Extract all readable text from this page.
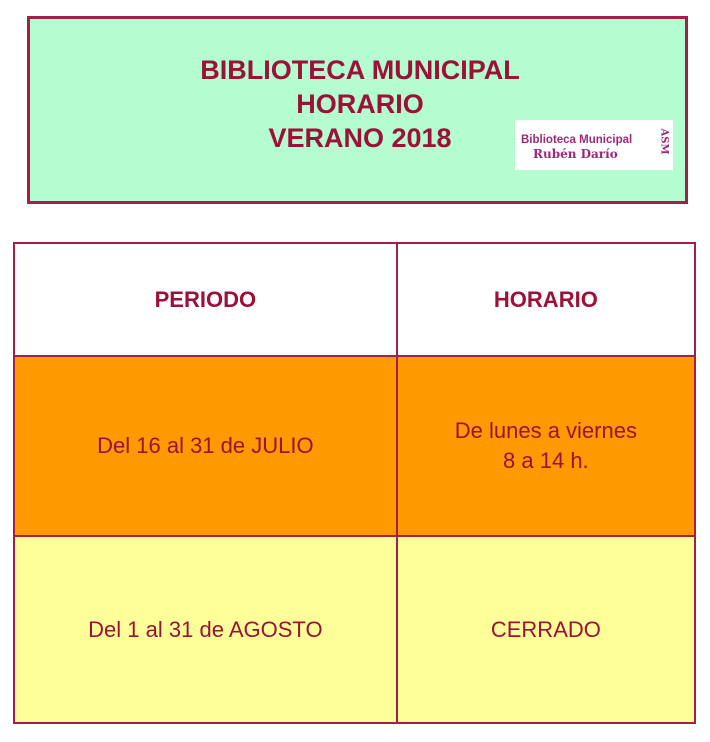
BIBLIOTECA MUNICIPAL
HORARIO
VERANO 2018	Biblioteca Municipal
Rubén Darío	ASM
PERIODO	HORARIO
Del 16 al 31 de JULIO	De lunes a viernes
8 a 14 h.

Del 1 al 31 de AGOSTO	CERRADO
